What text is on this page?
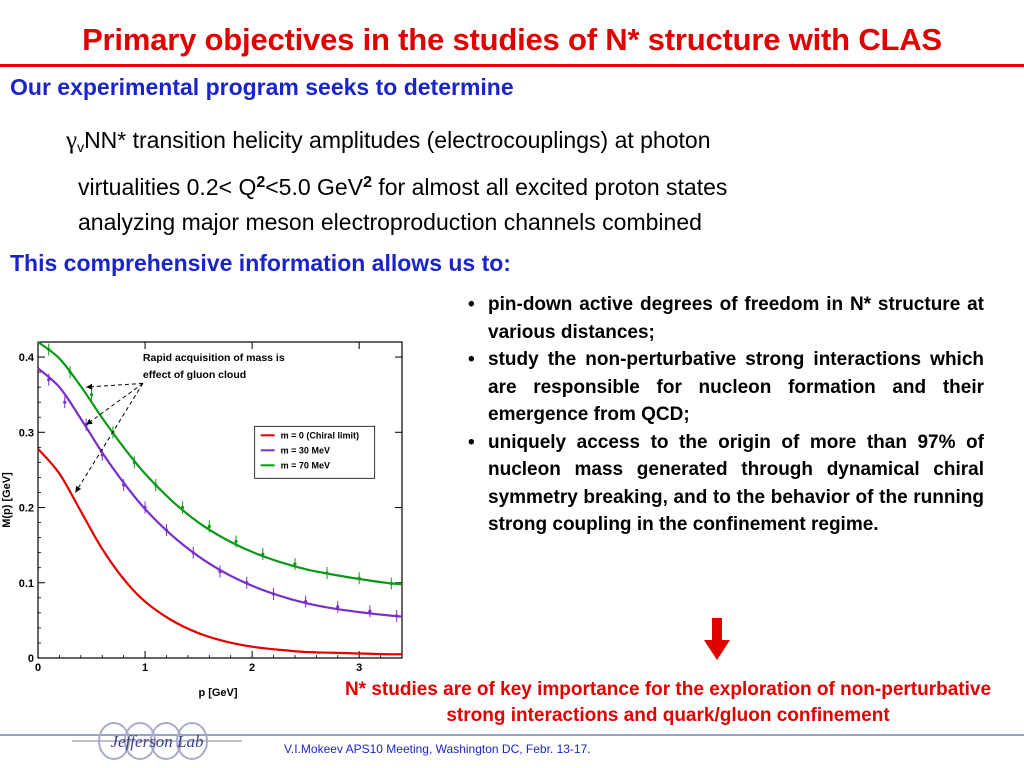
Primary objectives in the studies of N* structure with CLAS
Our experimental program seeks to determine
$\gamma_vNN*$ transition helicity amplitudes (electrocouplings) at photon
virtualities $0.2< Q^2<5.0$ GeV$^2$ for almost all excited proton states
analyzing major meson electroproduction channels combined
This comprehensive information allows us to:
• pin-down active degrees of freedom in N* structure at various distances;
• study the non-perturbative strong interactions which are responsible for nucleon formation and their emergence from QCD;
• uniquely access to the origin of more than 97% of nucleon mass generated through dynamical chiral symmetry breaking, and to the behavior of the running strong coupling in the confinement regime.
N* studies are of key importance for the exploration of non-perturbative strong interactions and quark/gluon confinement
0	1	2	3
0
0.1
0.2
0.3
0.4	Rapid acquisition of mass is
effect of gluon cloud
m = 0 (Chiral limit)
m = 30 MeV
m = 70 MeV
p [GeV]
M(p) [GeV]
Jefferson Lab	V.I.Mokeev APS10 Meeting, Washington DC, Febr. 13-17.
